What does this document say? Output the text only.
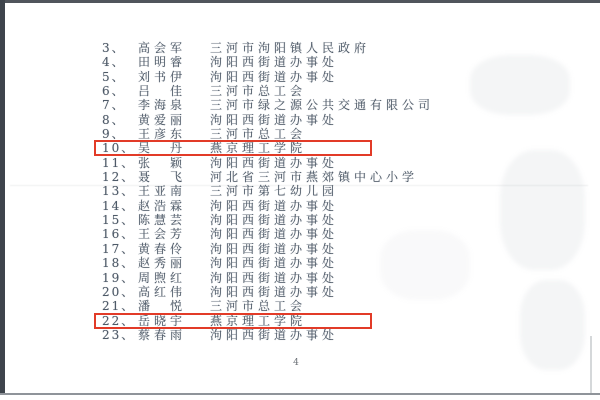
3、	高会军	三河市泃阳镇人民政府
4、	田明睿	泃阳西街道办事处
5、	刘书伊	泃阳西街道办事处
6、	吕　佳	三河市总工会
7、	李海泉	三河市绿之源公共交通有限公司
8、	黄爱丽	泃阳西街道办事处
9、	王彦东	三河市总工会
10、 吴　丹	燕京理工学院
11、 张　颖	泃阳西街道办事处
12、 聂　飞	河北省三河市燕郊镇中心小学
13、 王亚南	三河市第七幼儿园
14、 赵浩霖	泃阳西街道办事处
15、 陈慧芸	泃阳西街道办事处
16、 王会芳	泃阳西街道办事处
17、 黄春伶	泃阳西街道办事处
18、 赵秀丽	泃阳西街道办事处
19、 周煦红	泃阳西街道办事处
20、 高红伟	泃阳西街道办事处
21、 潘　悦	三河市总工会
22、 岳晓宇	燕京理工学院
23、 蔡春雨	泃阳西街道办事处
4
